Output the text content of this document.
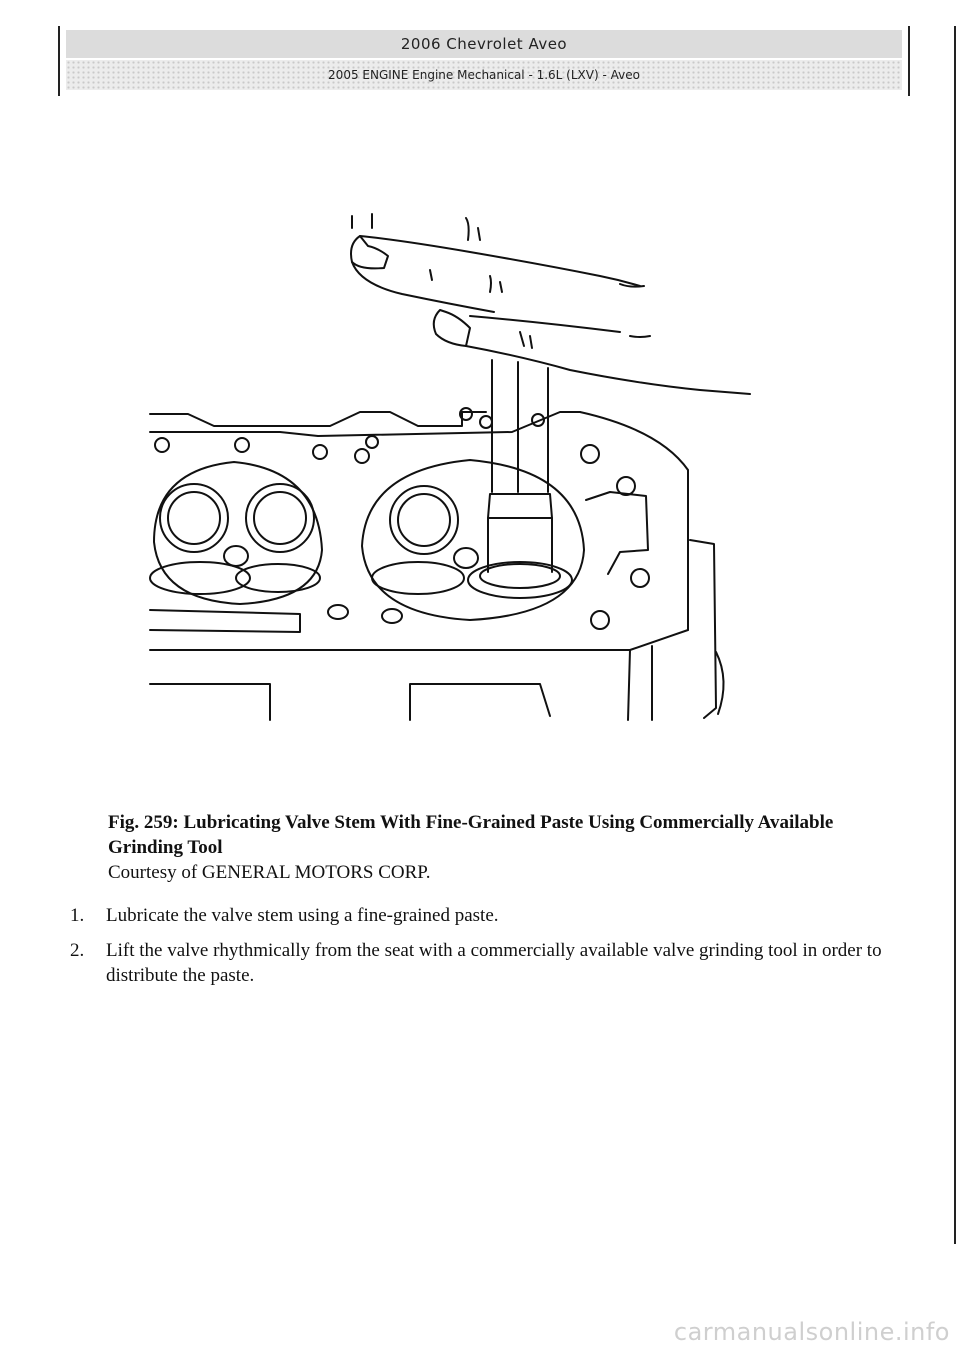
2006 Chevrolet Aveo
2005 ENGINE Engine Mechanical - 1.6L (LXV) - Aveo
Fig. 259: Lubricating Valve Stem With Fine-Grained Paste Using Commercially Available Grinding Tool
Courtesy of GENERAL MOTORS CORP.
1. Lubricate the valve stem using a fine-grained paste.
2. Lift the valve rhythmically from the seat with a commercially available valve grinding tool in order to distribute the paste.
carmanualsonline.info
